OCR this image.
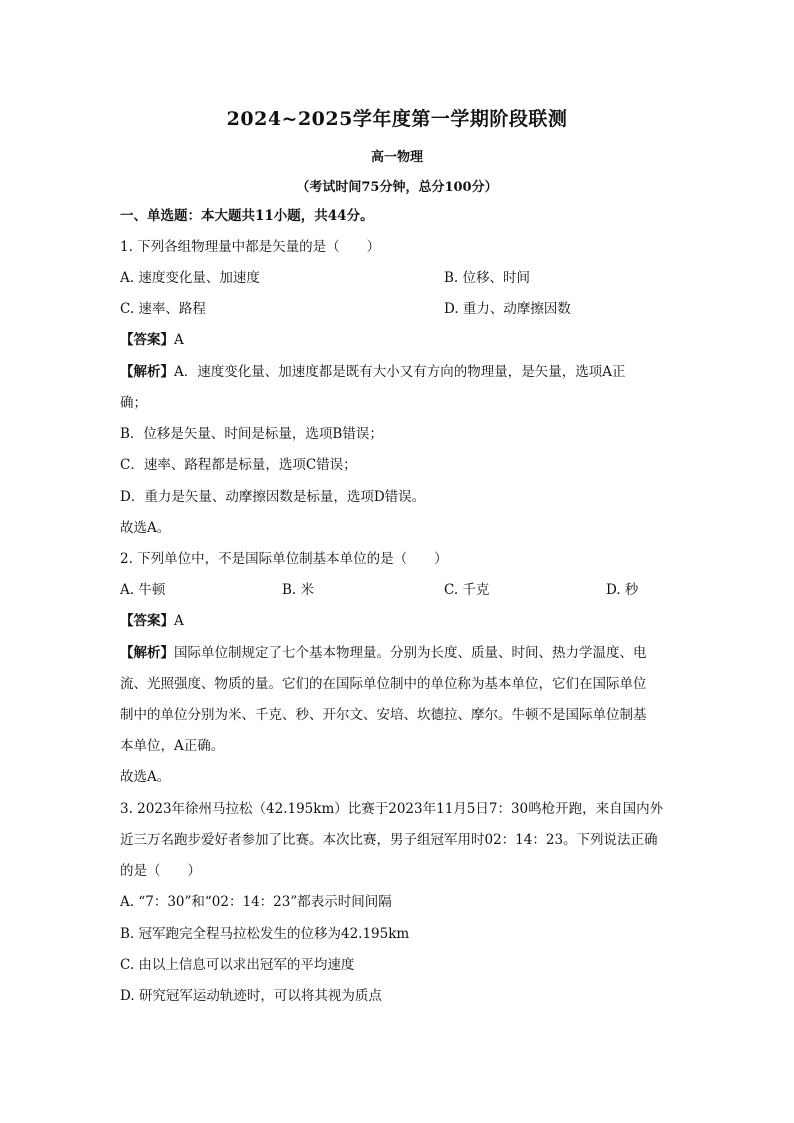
2024~2025学年度第一学期阶段联测
高一物理
（考试时间75分钟，总分100分）
一、单选题：本大题共11小题，共44分。
1. 下列各组物理量中都是矢量的是（　　）
A. 速度变化量、加速度	B. 位移、时间
C. 速率、路程	D. 重力、动摩擦因数
【答案】A
【解析】A．速度变化量、加速度都是既有大小又有方向的物理量，是矢量，选项A正
确；
B．位移是矢量、时间是标量，选项B错误；
C．速率、路程都是标量，选项C错误；
D．重力是矢量、动摩擦因数是标量，选项D错误。
故选A。
2. 下列单位中，不是国际单位制基本单位的是（　　）
A. 牛顿	B. 米	C. 千克	D. 秒
【答案】A
【解析】国际单位制规定了七个基本物理量。分别为长度、质量、时间、热力学温度、电
流、光照强度、物质的量。它们的在国际单位制中的单位称为基本单位，它们在国际单位
制中的单位分别为米、千克、秒、开尔文、安培、坎德拉、摩尔。牛顿不是国际单位制基
本单位，A正确。
故选A。
3. 2023年徐州马拉松（42.195km）比赛于2023年11月5日7：30鸣枪开跑，来自国内外
近三万名跑步爱好者参加了比赛。本次比赛，男子组冠军用时02：14：23。下列说法正确
的是（　　）
A. “7：30”和“02：14：23”都表示时间间隔
B. 冠军跑完全程马拉松发生的位移为42.195km
C. 由以上信息可以求出冠军的平均速度
D. 研究冠军运动轨迹时，可以将其视为质点
